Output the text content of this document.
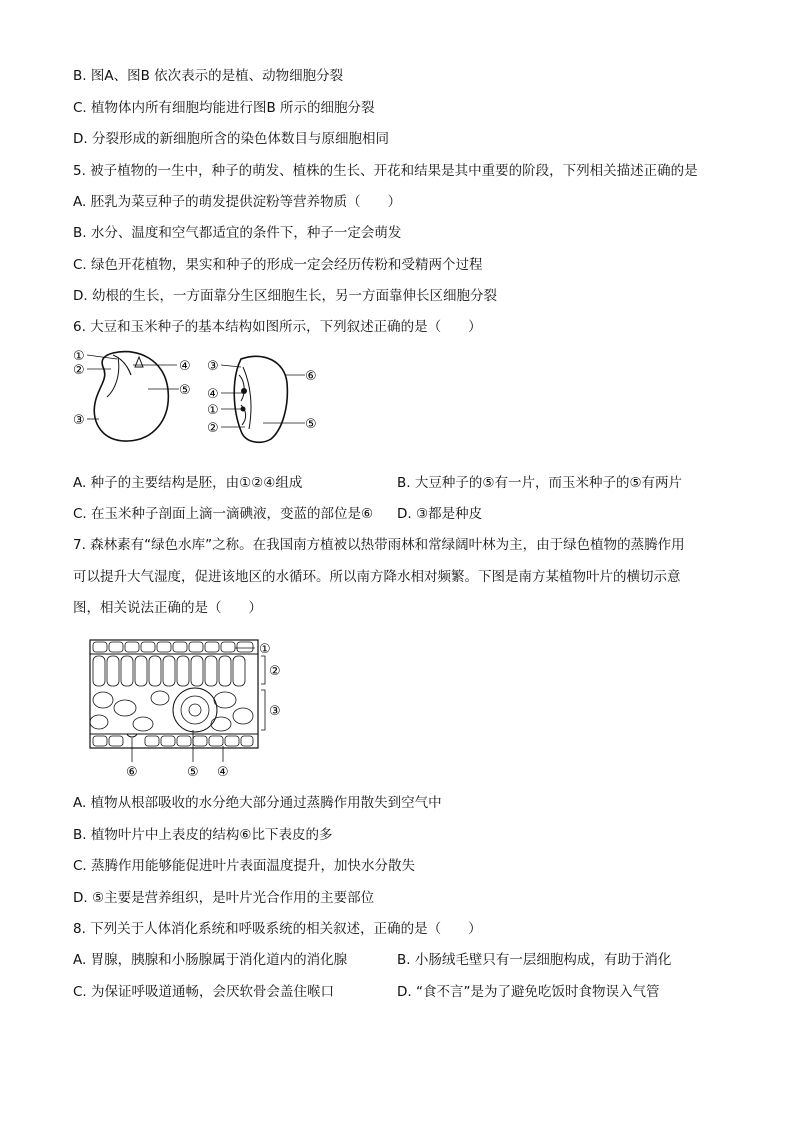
B. 图A、图B 依次表示的是植、动物细胞分裂
C. 植物体内所有细胞均能进行图B 所示的细胞分裂
D. 分裂形成的新细胞所含的染色体数目与原细胞相同
5. 被子植物的一生中，种子的萌发、植株的生长、开花和结果是其中重要的阶段，下列相关描述正确的是
A. 胚乳为菜豆种子的萌发提供淀粉等营养物质（　　）
B. 水分、温度和空气都适宜的条件下，种子一定会萌发
C. 绿色开花植物，果实和种子的形成一定会经历传粉和受精两个过程
D. 幼根的生长，一方面靠分生区细胞生长，另一方面靠伸长区细胞分裂
6. 大豆和玉米种子的基本结构如图所示，下列叙述正确的是（　　）
①
②
③
④
⑤
③
⑥
④
①
②	⑤
A. 种子的主要结构是胚，由①②④组成	B. 大豆种子的⑤有一片，而玉米种子的⑤有两片
C. 在玉米种子剖面上滴一滴碘液，变蓝的部位是⑥ D. ③都是种皮
7. 森林素有“绿色水库”之称。在我国南方植被以热带雨林和常绿阔叶林为主，由于绿色植物的蒸腾作用
可以提升大气湿度，促进该地区的水循环。所以南方降水相对频繁。下图是南方某植物叶片的横切示意
图，相关说法正确的是（　　）
①
②
③
⑥	⑤ ④
A. 植物从根部吸收的水分绝大部分通过蒸腾作用散失到空气中
B. 植物叶片中上表皮的结构⑥比下表皮的多
C. 蒸腾作用能够能促进叶片表面温度提升，加快水分散失
D. ⑤主要是营养组织，是叶片光合作用的主要部位
8. 下列关于人体消化系统和呼吸系统的相关叙述，正确的是（　　）
A. 胃腺，胰腺和小肠腺属于消化道内的消化腺	B. 小肠绒毛壁只有一层细胞构成，有助于消化
C. 为保证呼吸道通畅，会厌软骨会盖住喉口	D. “食不言”是为了避免吃饭时食物误入气管
